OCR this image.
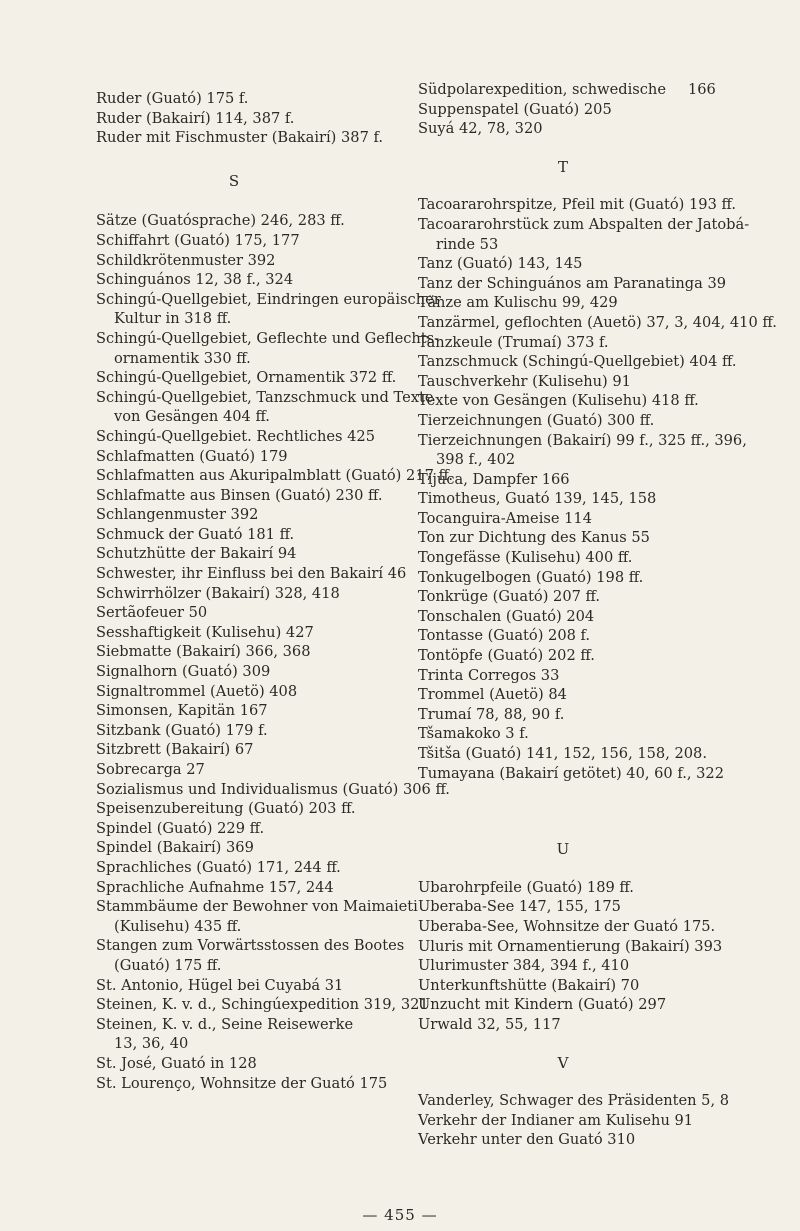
Ruder (Guató) 175 f.
Ruder (Bakairí) 114, 387 f.
Ruder mit Fischmuster (Bakairí) 387 f.
S
Sätze (Guatósprache) 246, 283 ff.
Schiffahrt (Guató) 175, 177
Schildkrötenmuster 392
Schinguános 12, 38 f., 324
Schingú-Quellgebiet, Eindringen europäischer
Kultur in 318 ff.
Schingú-Quellgebiet, Geflechte und Geflechts-
ornamentik 330 ff.
Schingú-Quellgebiet, Ornamentik 372 ff.
Schingú-Quellgebiet, Tanzschmuck und Texte
von Gesängen 404 ff.
Schingú-Quellgebiet. Rechtliches 425
Schlafmatten (Guató) 179
Schlafmatten aus Akuripalmblatt (Guató) 217 ff.
Schlafmatte aus Binsen (Guató) 230 ff.
Schlangenmuster 392
Schmuck der Guató 181 ff.
Schutzhütte der Bakairí 94
Schwester, ihr Einfluss bei den Bakairí 46
Schwirrhölzer (Bakairí) 328, 418
Sertãofeuer 50
Sesshaftigkeit (Kulisehu) 427
Siebmatte (Bakairí) 366, 368
Signalhorn (Guató) 309
Signaltrommel (Auetö) 408
Simonsen, Kapitän 167
Sitzbank (Guató) 179 f.
Sitzbrett (Bakairí) 67
Sobrecarga 27
Sozialismus und Individualismus (Guató) 306 ff.
Speisenzubereitung (Guató) 203 ff.
Spindel (Guató) 229 ff.
Spindel (Bakairí) 369
Sprachliches (Guató) 171, 244 ff.
Sprachliche Aufnahme 157, 244
Stammbäume der Bewohner von Maimaieti
(Kulisehu) 435 ff.
Stangen zum Vorwärtsstossen des Bootes
(Guató) 175 ff.
St. Antonio, Hügel bei Cuyabá 31
Steinen, K. v. d., Schingúexpedition 319, 321
Steinen, K. v. d., Seine Reisewerke
13, 36, 40
St. José, Guató in 128
St. Lourenço, Wohnsitze der Guató 175
Südpolarexpedition, schwedische 166
Suppenspatel (Guató) 205
Suyá 42, 78, 320
T
Tacoararohrspitze, Pfeil mit (Guató) 193 ff.
Tacoararohrstück zum Abspalten der Jatobá-
rinde 53
Tanz (Guató) 143, 145
Tanz der Schinguános am Paranatinga 39
Tänze am Kulischu 99, 429
Tanzärmel, geflochten (Auetö) 37, 3, 404, 410 ff.
Tanzkeule (Trumaí) 373 f.
Tanzschmuck (Schingú-Quellgebiet) 404 ff.
Tauschverkehr (Kulisehu) 91
Texte von Gesängen (Kulisehu) 418 ff.
Tierzeichnungen (Guató) 300 ff.
Tierzeichnungen (Bakairí) 99 f., 325 ff., 396,
398 f., 402
Tijuca, Dampfer 166
Timotheus, Guató 139, 145, 158
Tocanguira-Ameise 114
Ton zur Dichtung des Kanus 55
Tongefässe (Kulisehu) 400 ff.
Tonkugelbogen (Guató) 198 ff.
Tonkrüge (Guató) 207 ff.
Tonschalen (Guató) 204
Tontasse (Guató) 208 f.
Tontöpfe (Guató) 202 ff.
Trinta Corregos 33
Trommel (Auetö) 84
Trumaí 78, 88, 90 f.
Tšamakoko 3 f.
Tšitša (Guató) 141, 152, 156, 158, 208.
Tumayana (Bakairí getötet) 40, 60 f., 322
U
Ubarohrpfeile (Guató) 189 ff.
Uberaba-See 147, 155, 175
Uberaba-See, Wohnsitze der Guató 175.
Uluris mit Ornamentierung (Bakairí) 393
Ulurimuster 384, 394 f., 410
Unterkunftshütte (Bakairí) 70
Unzucht mit Kindern (Guató) 297
Urwald 32, 55, 117
V
Vanderley, Schwager des Präsidenten 5, 8
Verkehr der Indianer am Kulisehu 91
Verkehr unter den Guató 310
— 455 —
